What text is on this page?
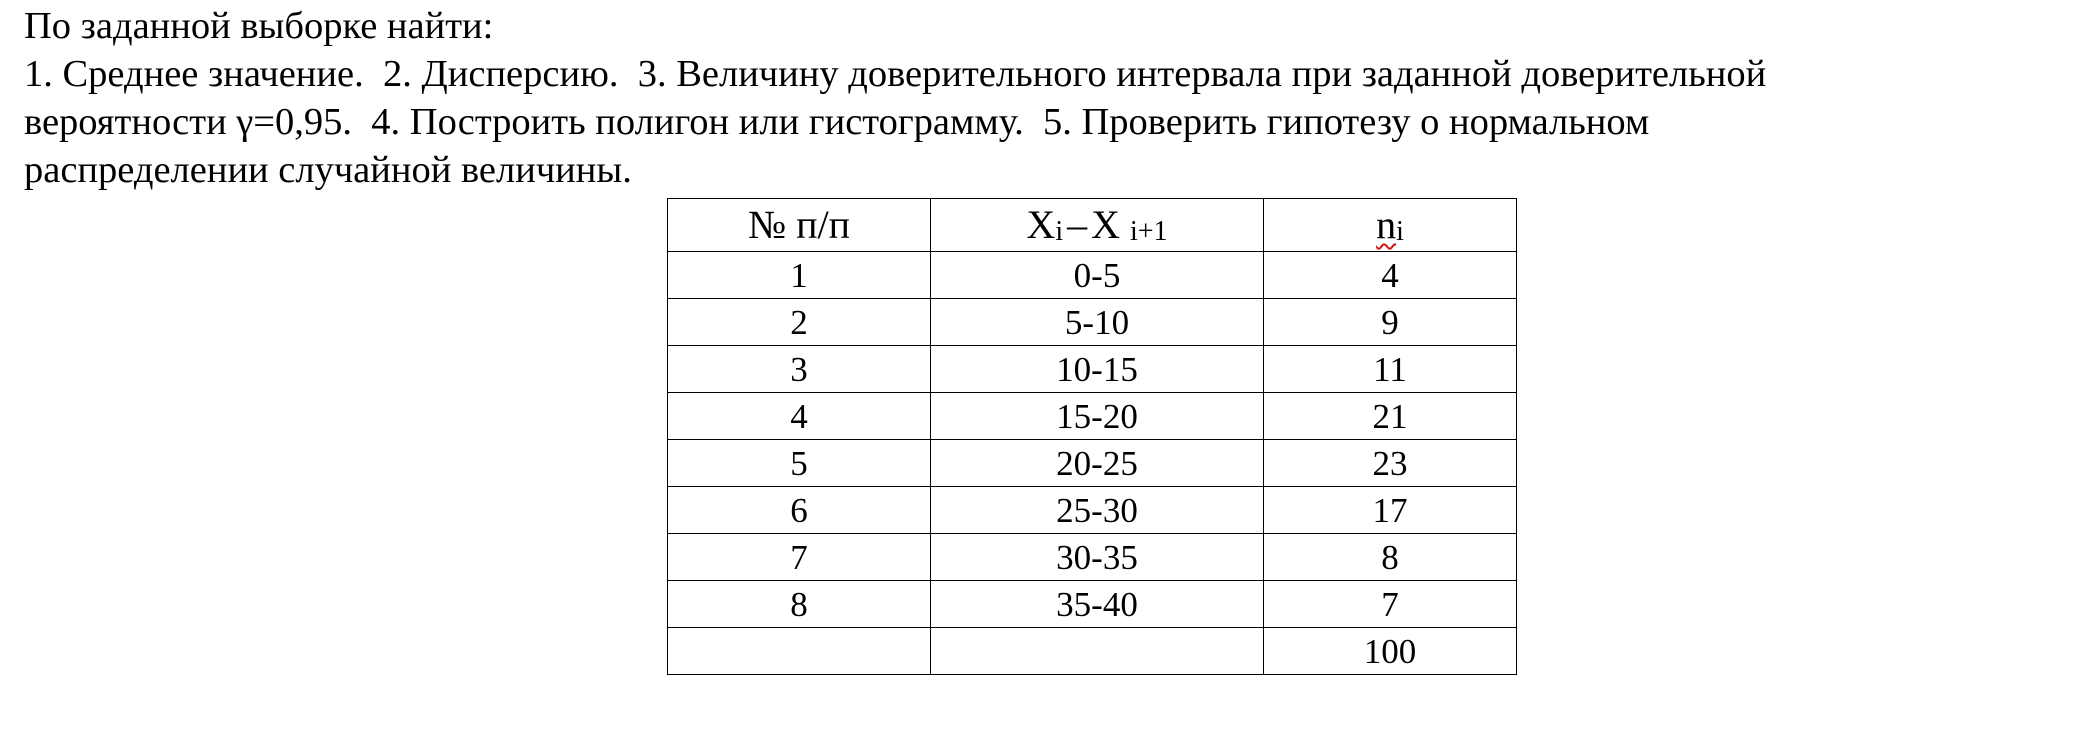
По заданной выборке найти:
1. Среднее значение. 2. Дисперсию. 3. Величину доверительного интервала при заданной доверительной
вероятности γ=0,95. 4. Построить полигон или гистограмму. 5. Проверить гипотезу о нормальном
распределении случайной величины.
№ п/п	Xi – X i+1	ni
1	0-5	4
2	5-10	9
3	10-15	11
4	15-20	21
5	20-25	23
6	25-30	17
7	30-35	8
8	35-40	7
		100
